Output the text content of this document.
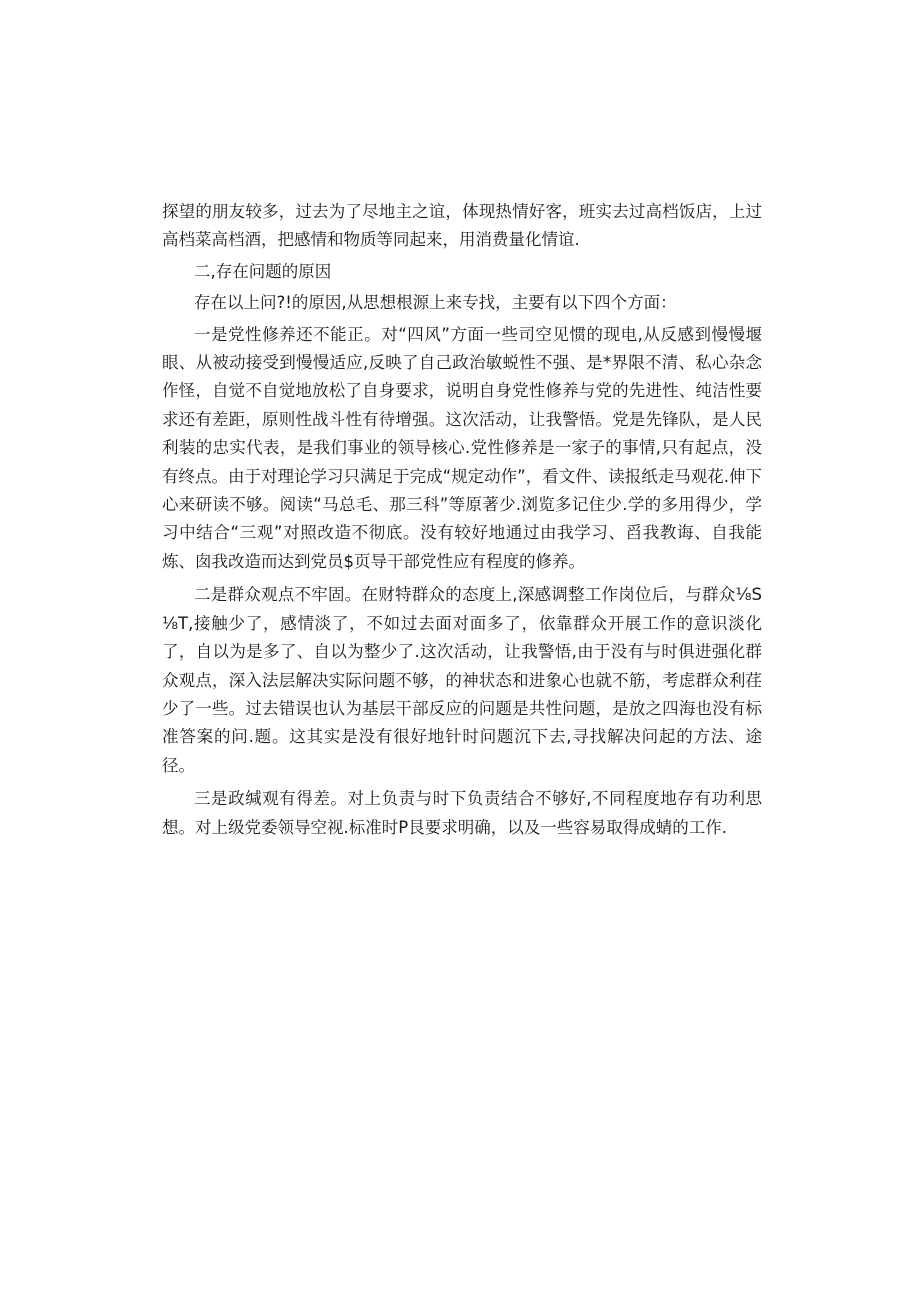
探望的朋友较多，过去为了尽地主之谊，体现热情好客，班实去过高档饭店，上过高档菜高档酒，把感情和物质等同起来，用消费量化情谊.

二,存在问题的原因

存在以上问?!的原因,从思想根源上来专找，主要有以下四个方面：

一是党性修养还不能正。对“四风”方面一些司空见惯的现电,从反感到慢慢堰眼、从被动接受到慢慢适应,反映了自己政治敏蜕性不强、是*界限不清、私心杂念作怪，自觉不自觉地放松了自身要求，说明自身党性修养与党的先进性、纯洁性要求还有差距，原则性战斗性有待增强。这次活动，让我警悟。党是先锋队，是人民利装的忠实代表，是我们事业的领导核心.党性修养是一家子的事情,只有起点，没有终点。由于对理论学习只满足于完成“规定动作”，看文件、读报纸走马观花.伸下心来研读不够。阅读“马总毛、那三科”等原著少.浏览多记住少.学的多用得少，学习中结合“三观”对照改造不彻底。没有较好地通过由我学习、舀我教诲、自我能炼、囱我改造而达到党员$页导干部党性应有程度的修养。

二是群众观点不牢固。在财特群众的态度上,深感调整工作岗位后，与群众⅛S⅛T,接触少了，感情淡了，不如过去面对面多了，依靠群众开展工作的意识淡化了，自以为是多了、自以为整少了.这次活动，让我警悟,由于没有与时俱进强化群众观点，深入法层解决实际问题不够，的神状态和进象心也就不筋，考虑群众利荏少了一些。过去错误也认为基层干部反应的问题是共性问题，是放之四海也没有标准答案的问.题。这其实是没有很好地针时问题沉下去,寻找解决问起的方法、途径。

三是政缄观有得差。对上负责与时下负责结合不够好,不同程度地存有功利思想。对上级党委领导空视.标准时P艮要求明确，以及一些容易取得成蜻的工作.
